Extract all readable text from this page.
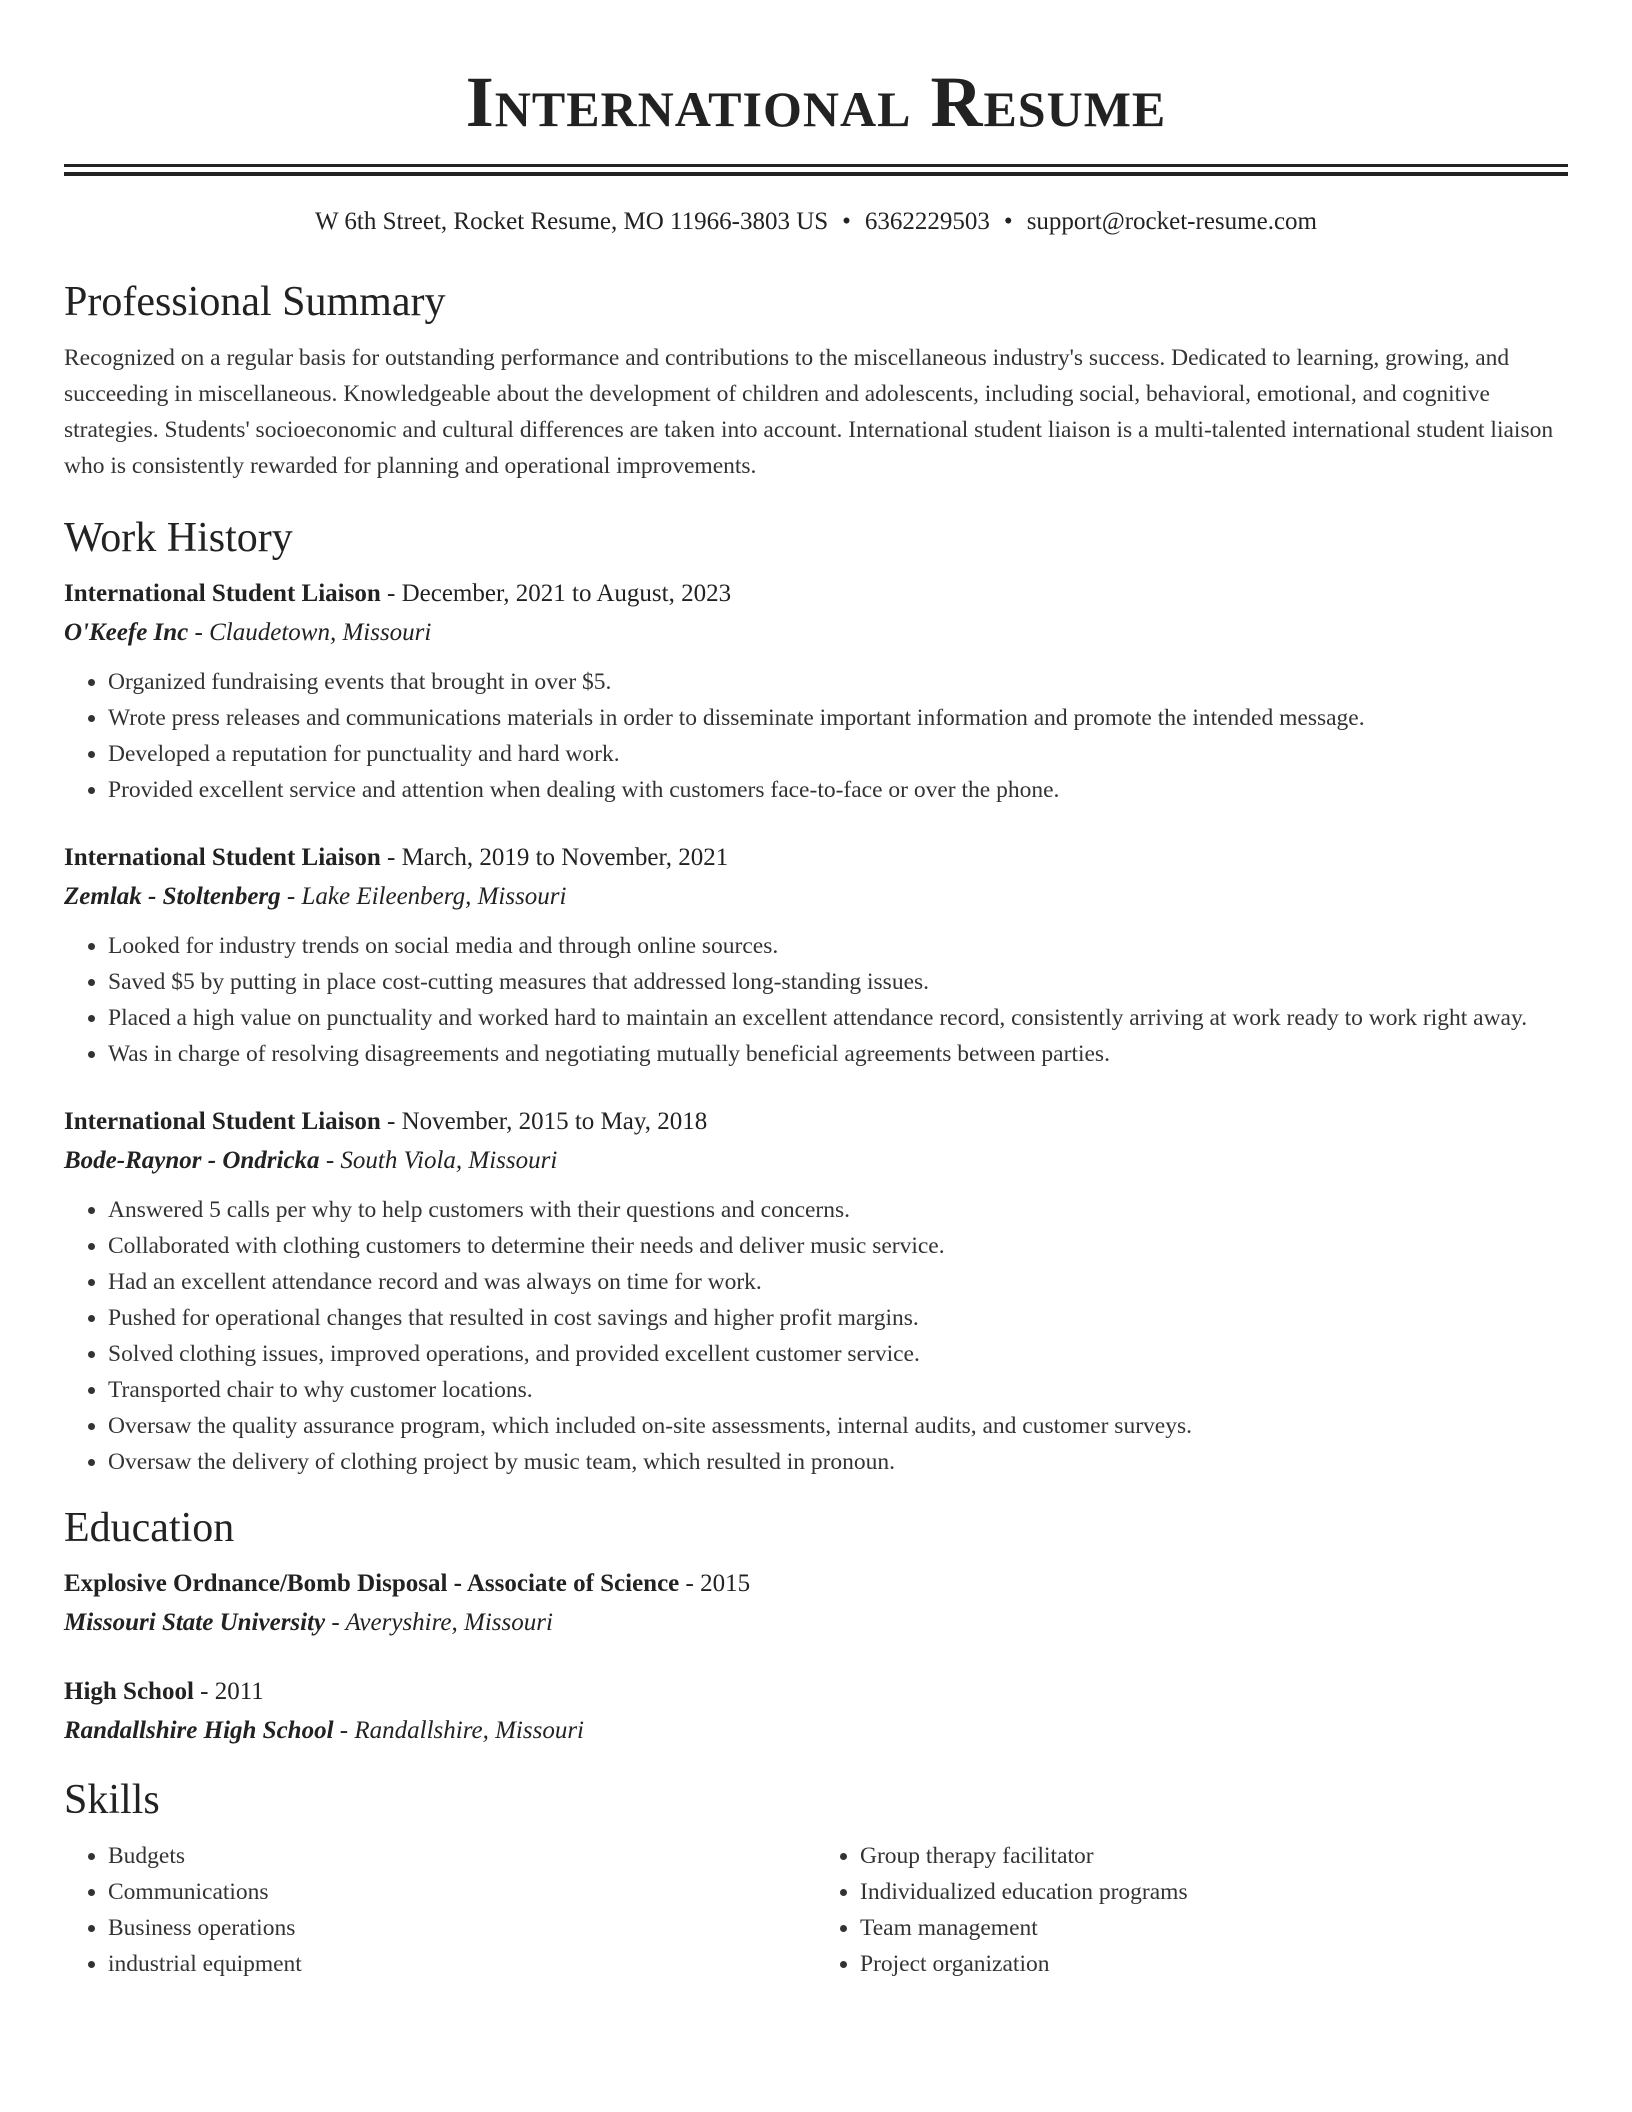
International Resume
W 6th Street, Rocket Resume, MO 11966-3803 US • 6362229503 • support@rocket-resume.com
Professional Summary

Recognized on a regular basis for outstanding performance and contributions to the miscellaneous industry's success. Dedicated to learning, growing, and succeeding in miscellaneous. Knowledgeable about the development of children and adolescents, including social, behavioral, emotional, and cognitive strategies. Students' socioeconomic and cultural differences are taken into account. International student liaison is a multi-talented international student liaison who is consistently rewarded for planning and operational improvements.

Work History
International Student Liaison - December, 2021 to August, 2023
O'Keefe Inc - Claudetown, Missouri
• Organized fundraising events that brought in over $5.
• Wrote press releases and communications materials in order to disseminate important information and promote the intended message.
• Developed a reputation for punctuality and hard work.
• Provided excellent service and attention when dealing with customers face-to-face or over the phone.
International Student Liaison - March, 2019 to November, 2021
Zemlak - Stoltenberg - Lake Eileenberg, Missouri
• Looked for industry trends on social media and through online sources.
• Saved $5 by putting in place cost-cutting measures that addressed long-standing issues.
• Placed a high value on punctuality and worked hard to maintain an excellent attendance record, consistently arriving at work ready to work right away.
• Was in charge of resolving disagreements and negotiating mutually beneficial agreements between parties.
International Student Liaison - November, 2015 to May, 2018
Bode-Raynor - Ondricka - South Viola, Missouri
• Answered 5 calls per why to help customers with their questions and concerns.
• Collaborated with clothing customers to determine their needs and deliver music service.
• Had an excellent attendance record and was always on time for work.
• Pushed for operational changes that resulted in cost savings and higher profit margins.
• Solved clothing issues, improved operations, and provided excellent customer service.
• Transported chair to why customer locations.
• Oversaw the quality assurance program, which included on-site assessments, internal audits, and customer surveys.
• Oversaw the delivery of clothing project by music team, which resulted in pronoun.
Education
Explosive Ordnance/Bomb Disposal - Associate of Science - 2015
Missouri State University - Averyshire, Missouri
High School - 2011
Randallshire High School - Randallshire, Missouri
Skills
• Budgets
• Communications
• Business operations
• industrial equipment
• Group therapy facilitator
• Individualized education programs
• Team management
• Project organization
